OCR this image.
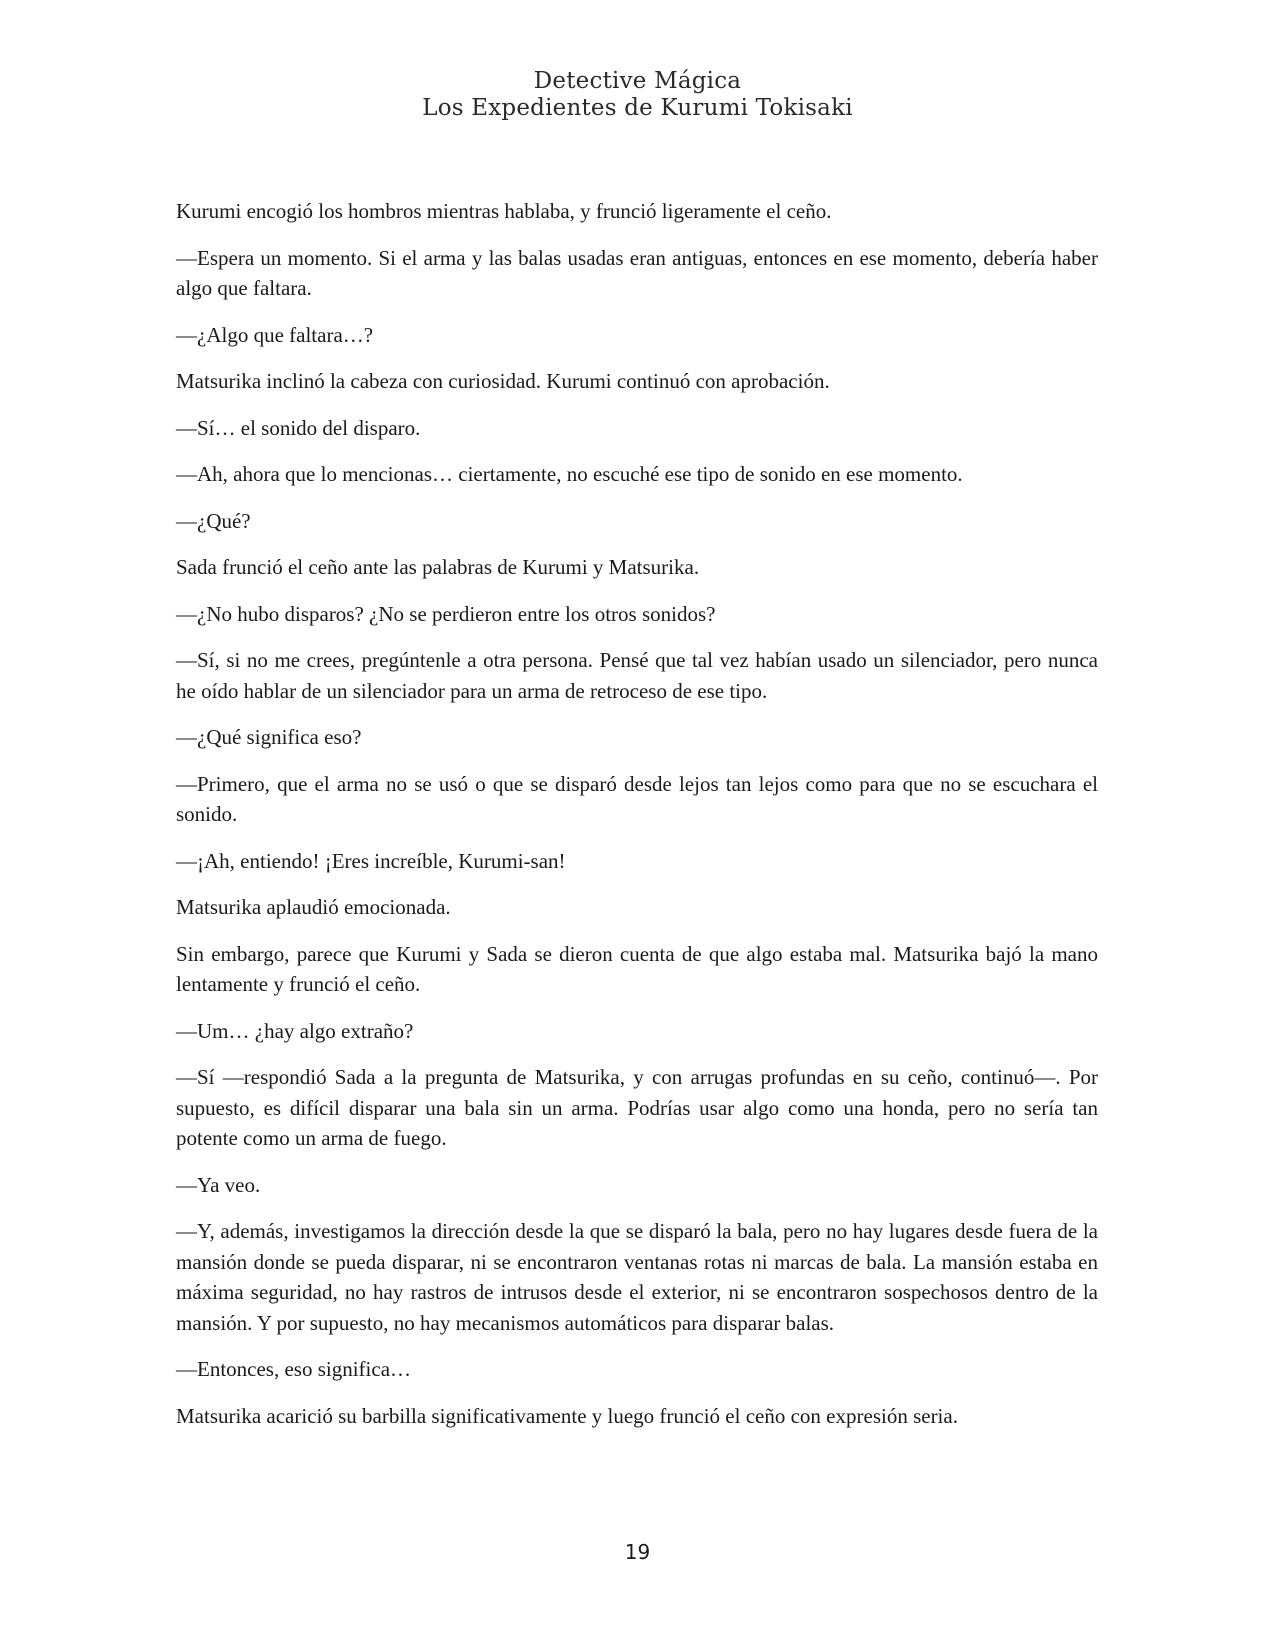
Detective Mágica
Los Expedientes de Kurumi Tokisaki

Kurumi encogió los hombros mientras hablaba, y frunció ligeramente el ceño.

—Espera un momento. Si el arma y las balas usadas eran antiguas, entonces en ese momento, debería haber algo que faltara.

—¿Algo que faltara…?

Matsurika inclinó la cabeza con curiosidad. Kurumi continuó con aprobación.

—Sí… el sonido del disparo.

—Ah, ahora que lo mencionas… ciertamente, no escuché ese tipo de sonido en ese momento.

—¿Qué?

Sada frunció el ceño ante las palabras de Kurumi y Matsurika.

—¿No hubo disparos? ¿No se perdieron entre los otros sonidos?

—Sí, si no me crees, pregúntenle a otra persona. Pensé que tal vez habían usado un silenciador, pero nunca he oído hablar de un silenciador para un arma de retroceso de ese tipo.

—¿Qué significa eso?

—Primero, que el arma no se usó o que se disparó desde lejos tan lejos como para que no se escuchara el sonido.

—¡Ah, entiendo! ¡Eres increíble, Kurumi-san!

Matsurika aplaudió emocionada.

Sin embargo, parece que Kurumi y Sada se dieron cuenta de que algo estaba mal. Matsurika bajó la mano lentamente y frunció el ceño.

—Um… ¿hay algo extraño?

—Sí —respondió Sada a la pregunta de Matsurika, y con arrugas profundas en su ceño, continuó—. Por supuesto, es difícil disparar una bala sin un arma. Podrías usar algo como una honda, pero no sería tan potente como un arma de fuego.

—Ya veo.

—Y, además, investigamos la dirección desde la que se disparó la bala, pero no hay lugares desde fuera de la mansión donde se pueda disparar, ni se encontraron ventanas rotas ni marcas de bala. La mansión estaba en máxima seguridad, no hay rastros de intrusos desde el exterior, ni se encontraron sospechosos dentro de la mansión. Y por supuesto, no hay mecanismos automáticos para disparar balas.

—Entonces, eso significa…

Matsurika acarició su barbilla significativamente y luego frunció el ceño con expresión seria.

19
